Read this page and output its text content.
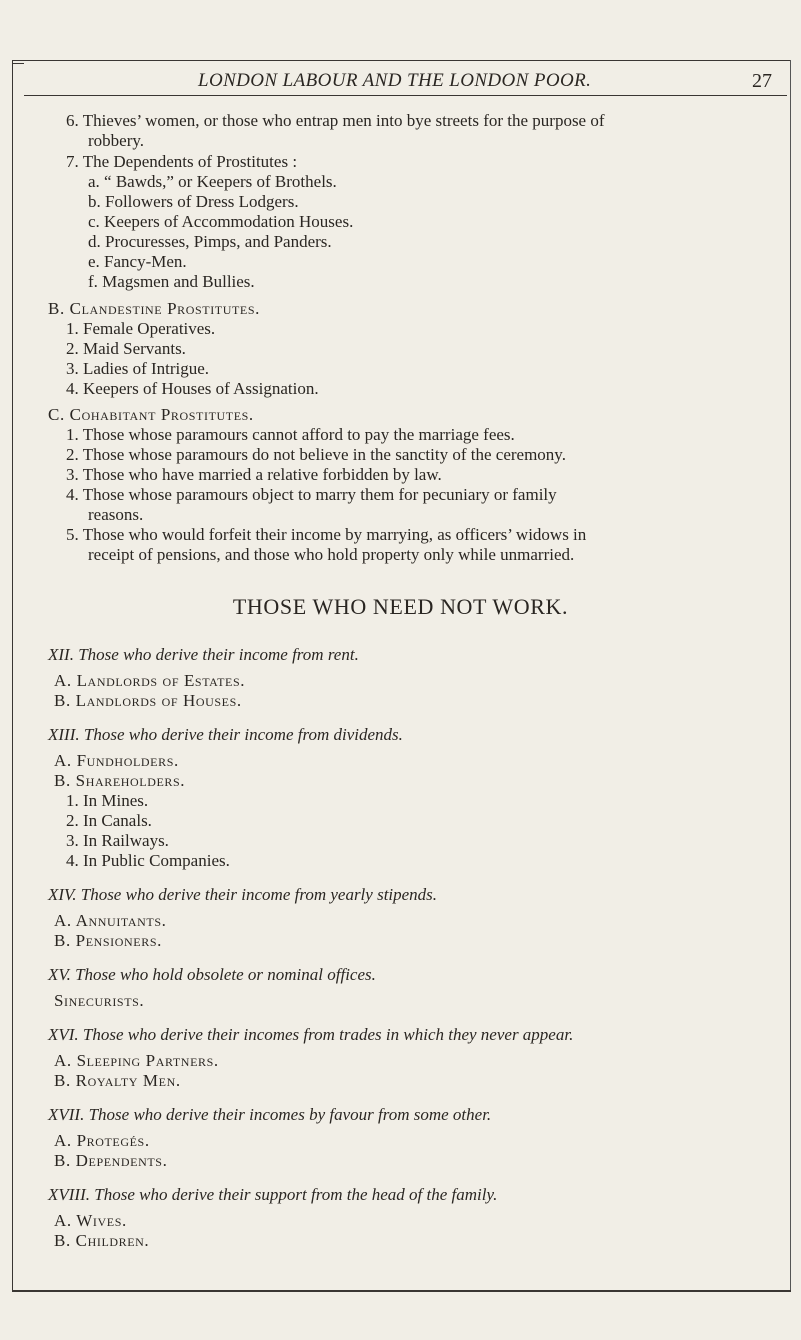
LONDON LABOUR AND THE LONDON POOR.	27
6. Thieves’ women, or those who entrap men into bye streets for the purpose of
robbery.
7. The Dependents of Prostitutes :
a. “ Bawds,” or Keepers of Brothels.
b. Followers of Dress Lodgers.
c. Keepers of Accommodation Houses.
d. Procuresses, Pimps, and Panders.
e. Fancy-Men.
f. Magsmen and Bullies.
B. Clandestine Prostitutes.
1. Female Operatives.
2. Maid Servants.
3. Ladies of Intrigue.
4. Keepers of Houses of Assignation.
C. Cohabitant Prostitutes.
1. Those whose paramours cannot afford to pay the marriage fees.
2. Those whose paramours do not believe in the sanctity of the ceremony.
3. Those who have married a relative forbidden by law.
4. Those whose paramours object to marry them for pecuniary or family
reasons.
5. Those who would forfeit their income by marrying, as officers’ widows in
receipt of pensions, and those who hold property only while unmarried.
THOSE WHO NEED NOT WORK.
XII. Those who derive their income from rent.
A. Landlords of Estates.
B. Landlords of Houses.
XIII. Those who derive their income from dividends.
A. Fundholders.
B. Shareholders.
1. In Mines.
2. In Canals.
3. In Railways.
4. In Public Companies.
XIV. Those who derive their income from yearly stipends.
A. Annuitants.
B. Pensioners.
XV. Those who hold obsolete or nominal offices.
Sinecurists.
XVI. Those who derive their incomes from trades in which they never appear.
A. Sleeping Partners.
B. Royalty Men.
XVII. Those who derive their incomes by favour from some other.
A. Protegés.
B. Dependents.
XVIII. Those who derive their support from the head of the family.
A. Wives.
B. Children.
